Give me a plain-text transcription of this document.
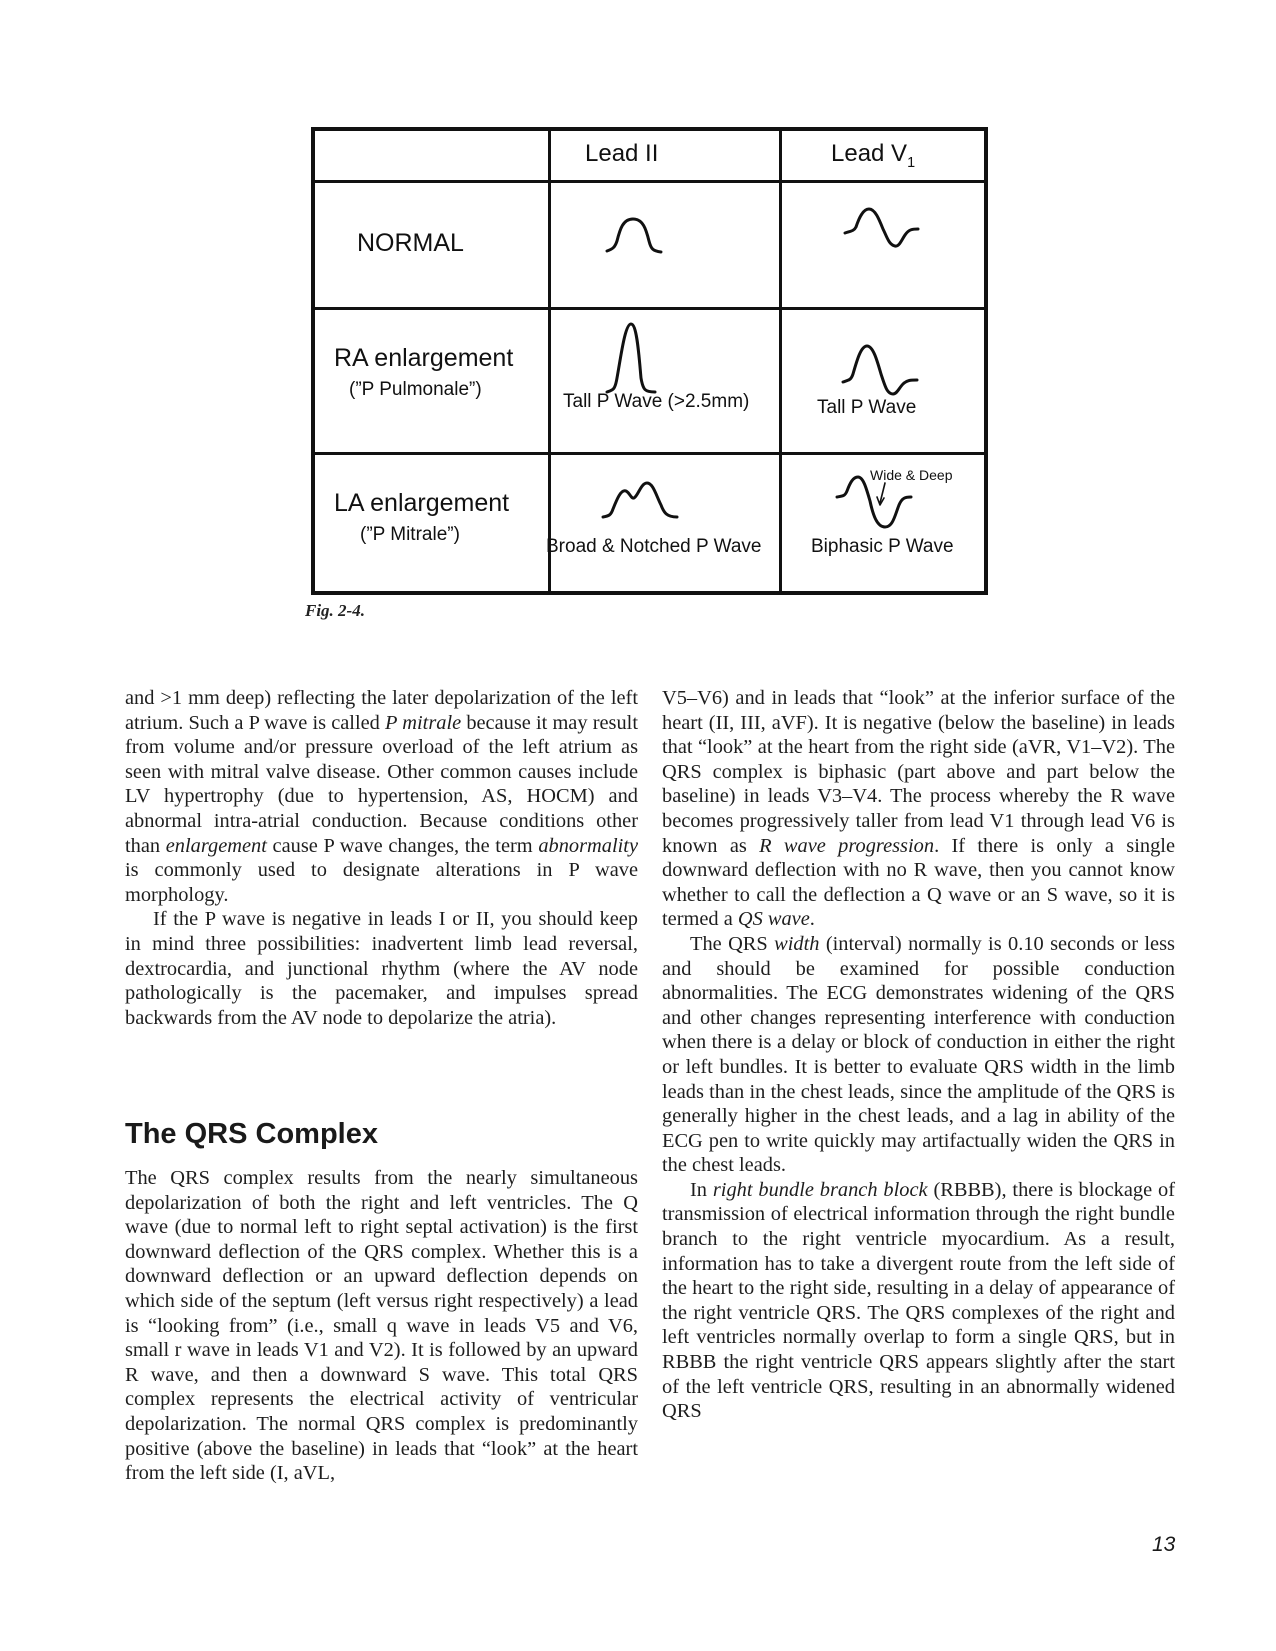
Lead II	Lead $V_1$
NORMAL
RA enlargement
(”P Pulmonale”)
Tall P Wave (>2.5mm)	Tall P Wave
LA enlargement
(”P Mitrale”)
Broad & Notched P Wave
Wide & Deep
Biphasic P Wave
Fig. 2-4.

and >1 mm deep) reflecting the later depolarization of the left atrium. Such a P wave is called P mitrale because it may result from volume and/or pressure overload of the left atrium as seen with mitral valve disease. Other common causes include LV hypertrophy (due to hypertension, AS, HOCM) and abnormal intra-atrial conduction. Because conditions other than enlargement cause P wave changes, the term abnormality is commonly used to designate alterations in P wave morphology.

If the P wave is negative in leads I or II, you should keep in mind three possibilities: inadvertent limb lead reversal, dextrocardia, and junctional rhythm (where the AV node pathologically is the pacemaker, and impulses spread backwards from the AV node to depolarize the atria).

The QRS Complex

The QRS complex results from the nearly simultaneous depolarization of both the right and left ventricles. The Q wave (due to normal left to right septal activation) is the first downward deflection of the QRS complex. Whether this is a downward deflection or an upward deflection depends on which side of the septum (left versus right respectively) a lead is “looking from” (i.e., small q wave in leads V5 and V6, small r wave in leads V1 and V2). It is followed by an upward R wave, and then a downward S wave. This total QRS complex represents the electrical activity of ventricular depolarization. The normal QRS complex is predominantly positive (above the baseline) in leads that “look” at the heart from the left side (I, aVL,

V5–V6) and in leads that “look” at the inferior surface of the heart (II, III, aVF). It is negative (below the baseline) in leads that “look” at the heart from the right side (aVR, V1–V2). The QRS complex is biphasic (part above and part below the baseline) in leads V3–V4. The process whereby the R wave becomes progressively taller from lead V1 through lead V6 is known as R wave progression. If there is only a single downward deflection with no R wave, then you cannot know whether to call the deflection a Q wave or an S wave, so it is termed a QS wave.

The QRS width (interval) normally is 0.10 seconds or less and should be examined for possible conduction abnormalities. The ECG demonstrates widening of the QRS and other changes representing interference with conduction when there is a delay or block of conduction in either the right or left bundles. It is better to evaluate QRS width in the limb leads than in the chest leads, since the amplitude of the QRS is generally higher in the chest leads, and a lag in ability of the ECG pen to write quickly may artifactually widen the QRS in the chest leads.

In right bundle branch block (RBBB), there is blockage of transmission of electrical information through the right bundle branch to the right ventricle myocardium. As a result, information has to take a divergent route from the left side of the heart to the right side, resulting in a delay of appearance of the right ventricle QRS. The QRS complexes of the right and left ventricles normally overlap to form a single QRS, but in RBBB the right ventricle QRS appears slightly after the start of the left ventricle QRS, resulting in an abnormally widened QRS

13
